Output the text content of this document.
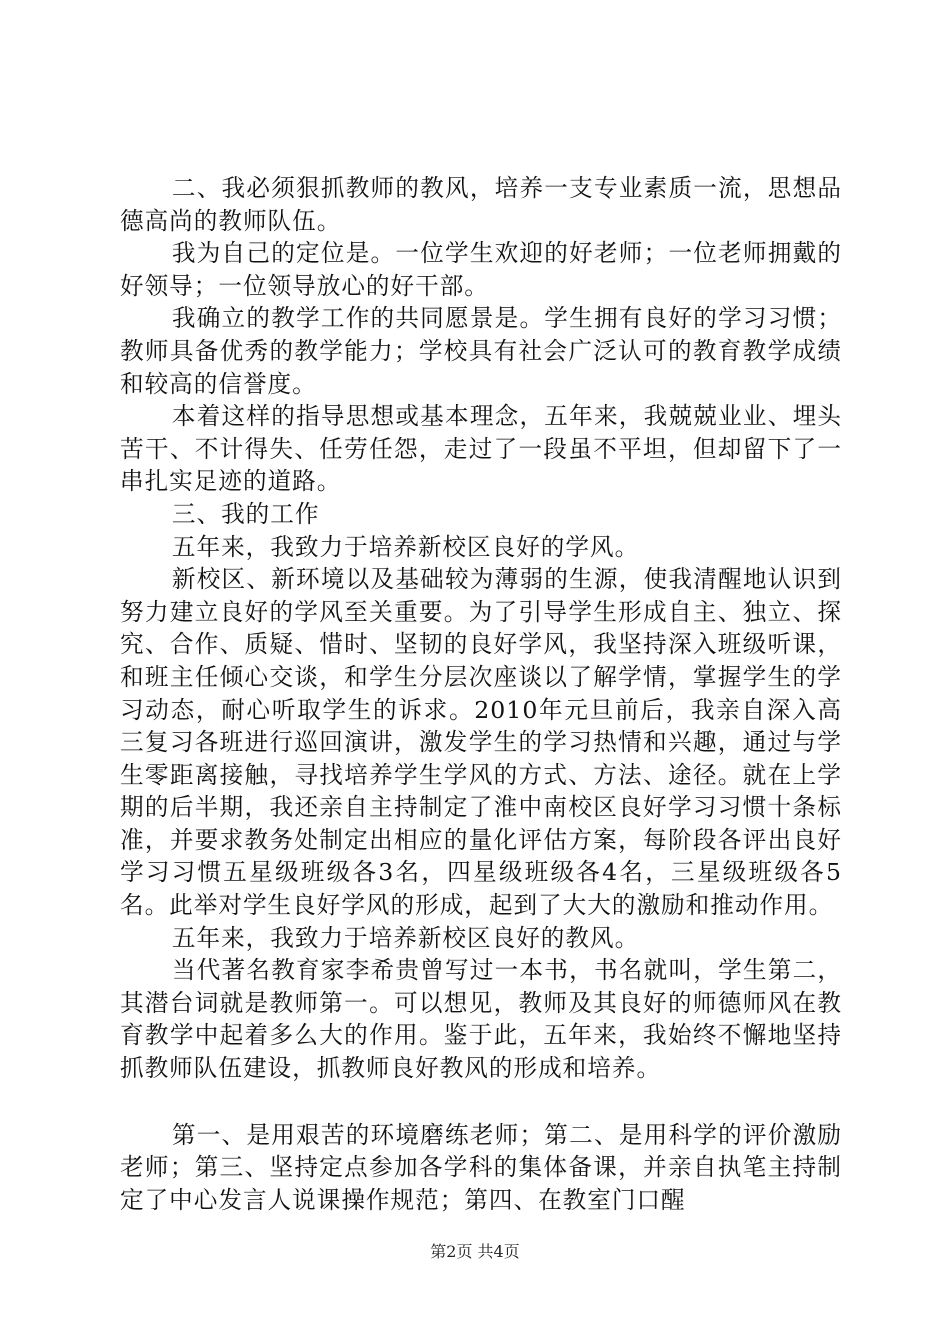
二、我必须狠抓教师的教风，培养一支专业素质一流，思想品德高尚的教师队伍。

我为自己的定位是。一位学生欢迎的好老师；一位老师拥戴的好领导；一位领导放心的好干部。

我确立的教学工作的共同愿景是。学生拥有良好的学习习惯；教师具备优秀的教学能力；学校具有社会广泛认可的教育教学成绩和较高的信誉度。

本着这样的指导思想或基本理念，五年来，我兢兢业业、埋头苦干、不计得失、任劳任怨，走过了一段虽不平坦，但却留下了一串扎实足迹的道路。

三、我的工作

五年来，我致力于培养新校区良好的学风。

新校区、新环境以及基础较为薄弱的生源，使我清醒地认识到努力建立良好的学风至关重要。为了引导学生形成自主、独立、探究、合作、质疑、惜时、坚韧的良好学风，我坚持深入班级听课，和班主任倾心交谈，和学生分层次座谈以了解学情，掌握学生的学习动态，耐心听取学生的诉求。2010年元旦前后，我亲自深入高三复习各班进行巡回演讲，激发学生的学习热情和兴趣，通过与学生零距离接触，寻找培养学生学风的方式、方法、途径。就在上学期的后半期，我还亲自主持制定了淮中南校区良好学习习惯十条标准，并要求教务处制定出相应的量化评估方案，每阶段各评出良好学习习惯五星级班级各3名，四星级班级各4名，三星级班级各5名。此举对学生良好学风的形成，起到了大大的激励和推动作用。

五年来，我致力于培养新校区良好的教风。

当代著名教育家李希贵曾写过一本书，书名就叫，学生第二，其潜台词就是教师第一。可以想见，教师及其良好的师德师风在教育教学中起着多么大的作用。鉴于此，五年来，我始终不懈地坚持抓教师队伍建设，抓教师良好教风的形成和培养。

第一、是用艰苦的环境磨练老师；第二、是用科学的评价激励老师；第三、坚持定点参加各学科的集体备课，并亲自执笔主持制定了中心发言人说课操作规范；第四、在教室门口醒

第2页 共4页
